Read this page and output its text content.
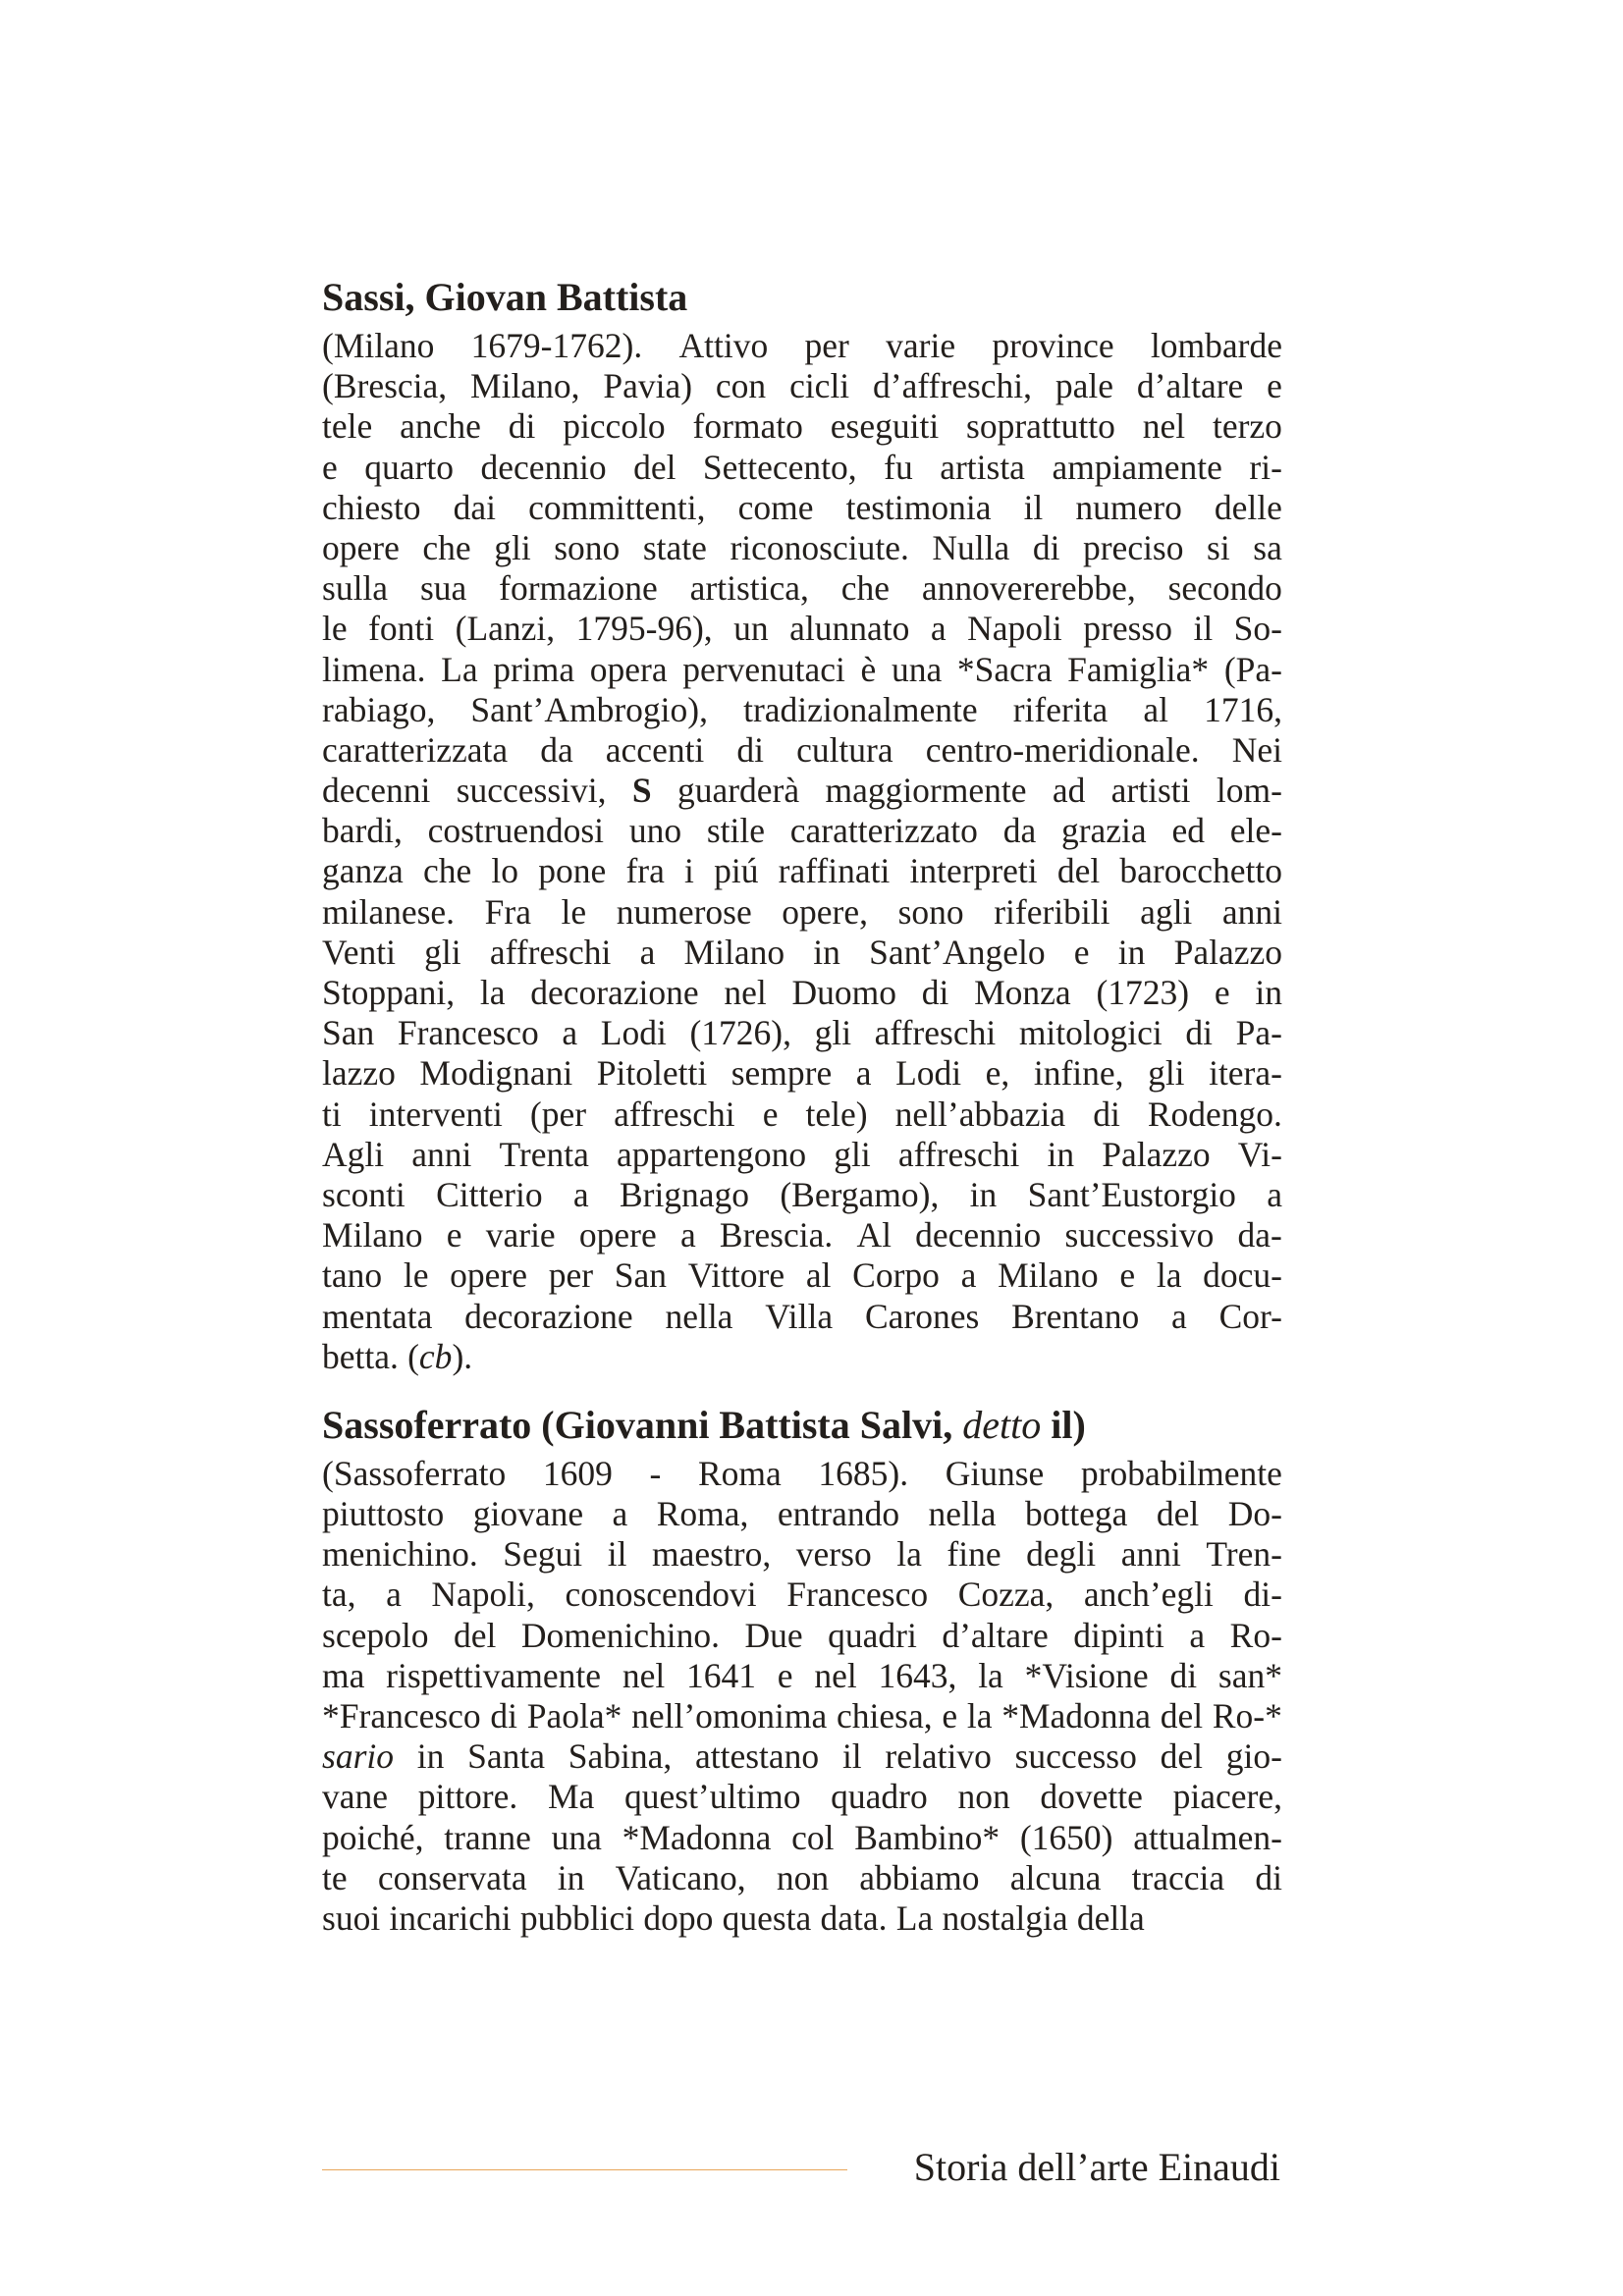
Sassi, Giovan Battista
(Milano 1679-1762). Attivo per varie province lombarde
(Brescia, Milano, Pavia) con cicli d’affreschi, pale d’altare e
tele anche di piccolo formato eseguiti soprattutto nel terzo
e quarto decennio del Settecento, fu artista ampiamente ri-
chiesto dai committenti, come testimonia il numero delle
opere che gli sono state riconosciute. Nulla di preciso si sa
sulla sua formazione artistica, che annovererebbe, secondo
le fonti (Lanzi, 1795-96), un alunnato a Napoli presso il So-
limena. La prima opera pervenutaci è una *Sacra Famiglia* (Pa-
rabiago, Sant’Ambrogio), tradizionalmente riferita al 1716,
caratterizzata da accenti di cultura centro-meridionale. Nei
decenni successivi, S guarderà maggiormente ad artisti lom-
bardi, costruendosi uno stile caratterizzato da grazia ed ele-
ganza che lo pone fra i piú raffinati interpreti del barocchetto
milanese. Fra le numerose opere, sono riferibili agli anni
Venti gli affreschi a Milano in Sant’Angelo e in Palazzo
Stoppani, la decorazione nel Duomo di Monza (1723) e in
San Francesco a Lodi (1726), gli affreschi mitologici di Pa-
lazzo Modignani Pitoletti sempre a Lodi e, infine, gli itera-
ti interventi (per affreschi e tele) nell’abbazia di Rodengo.
Agli anni Trenta appartengono gli affreschi in Palazzo Vi-
sconti Citterio a Brignago (Bergamo), in Sant’Eustorgio a
Milano e varie opere a Brescia. Al decennio successivo da-
tano le opere per San Vittore al Corpo a Milano e la docu-
mentata decorazione nella Villa Carones Brentano a Cor-
betta. (cb).
Sassoferrato (Giovanni Battista Salvi, detto il)
(Sassoferrato 1609 - Roma 1685). Giunse probabilmente
piuttosto giovane a Roma, entrando nella bottega del Do-
menichino. Segui il maestro, verso la fine degli anni Tren-
ta, a Napoli, conoscendovi Francesco Cozza, anch’egli di-
scepolo del Domenichino. Due quadri d’altare dipinti a Ro-
ma rispettivamente nel 1641 e nel 1643, la *Visione di san*
*Francesco di Paola* nell’omonima chiesa, e la *Madonna del Ro-*
sario in Santa Sabina, attestano il relativo successo del gio-
vane pittore. Ma quest’ultimo quadro non dovette piacere,
poiché, tranne una *Madonna col Bambino* (1650) attualmen-
te conservata in Vaticano, non abbiamo alcuna traccia di
suoi incarichi pubblici dopo questa data. La nostalgia della
Storia dell’arte Einaudi
